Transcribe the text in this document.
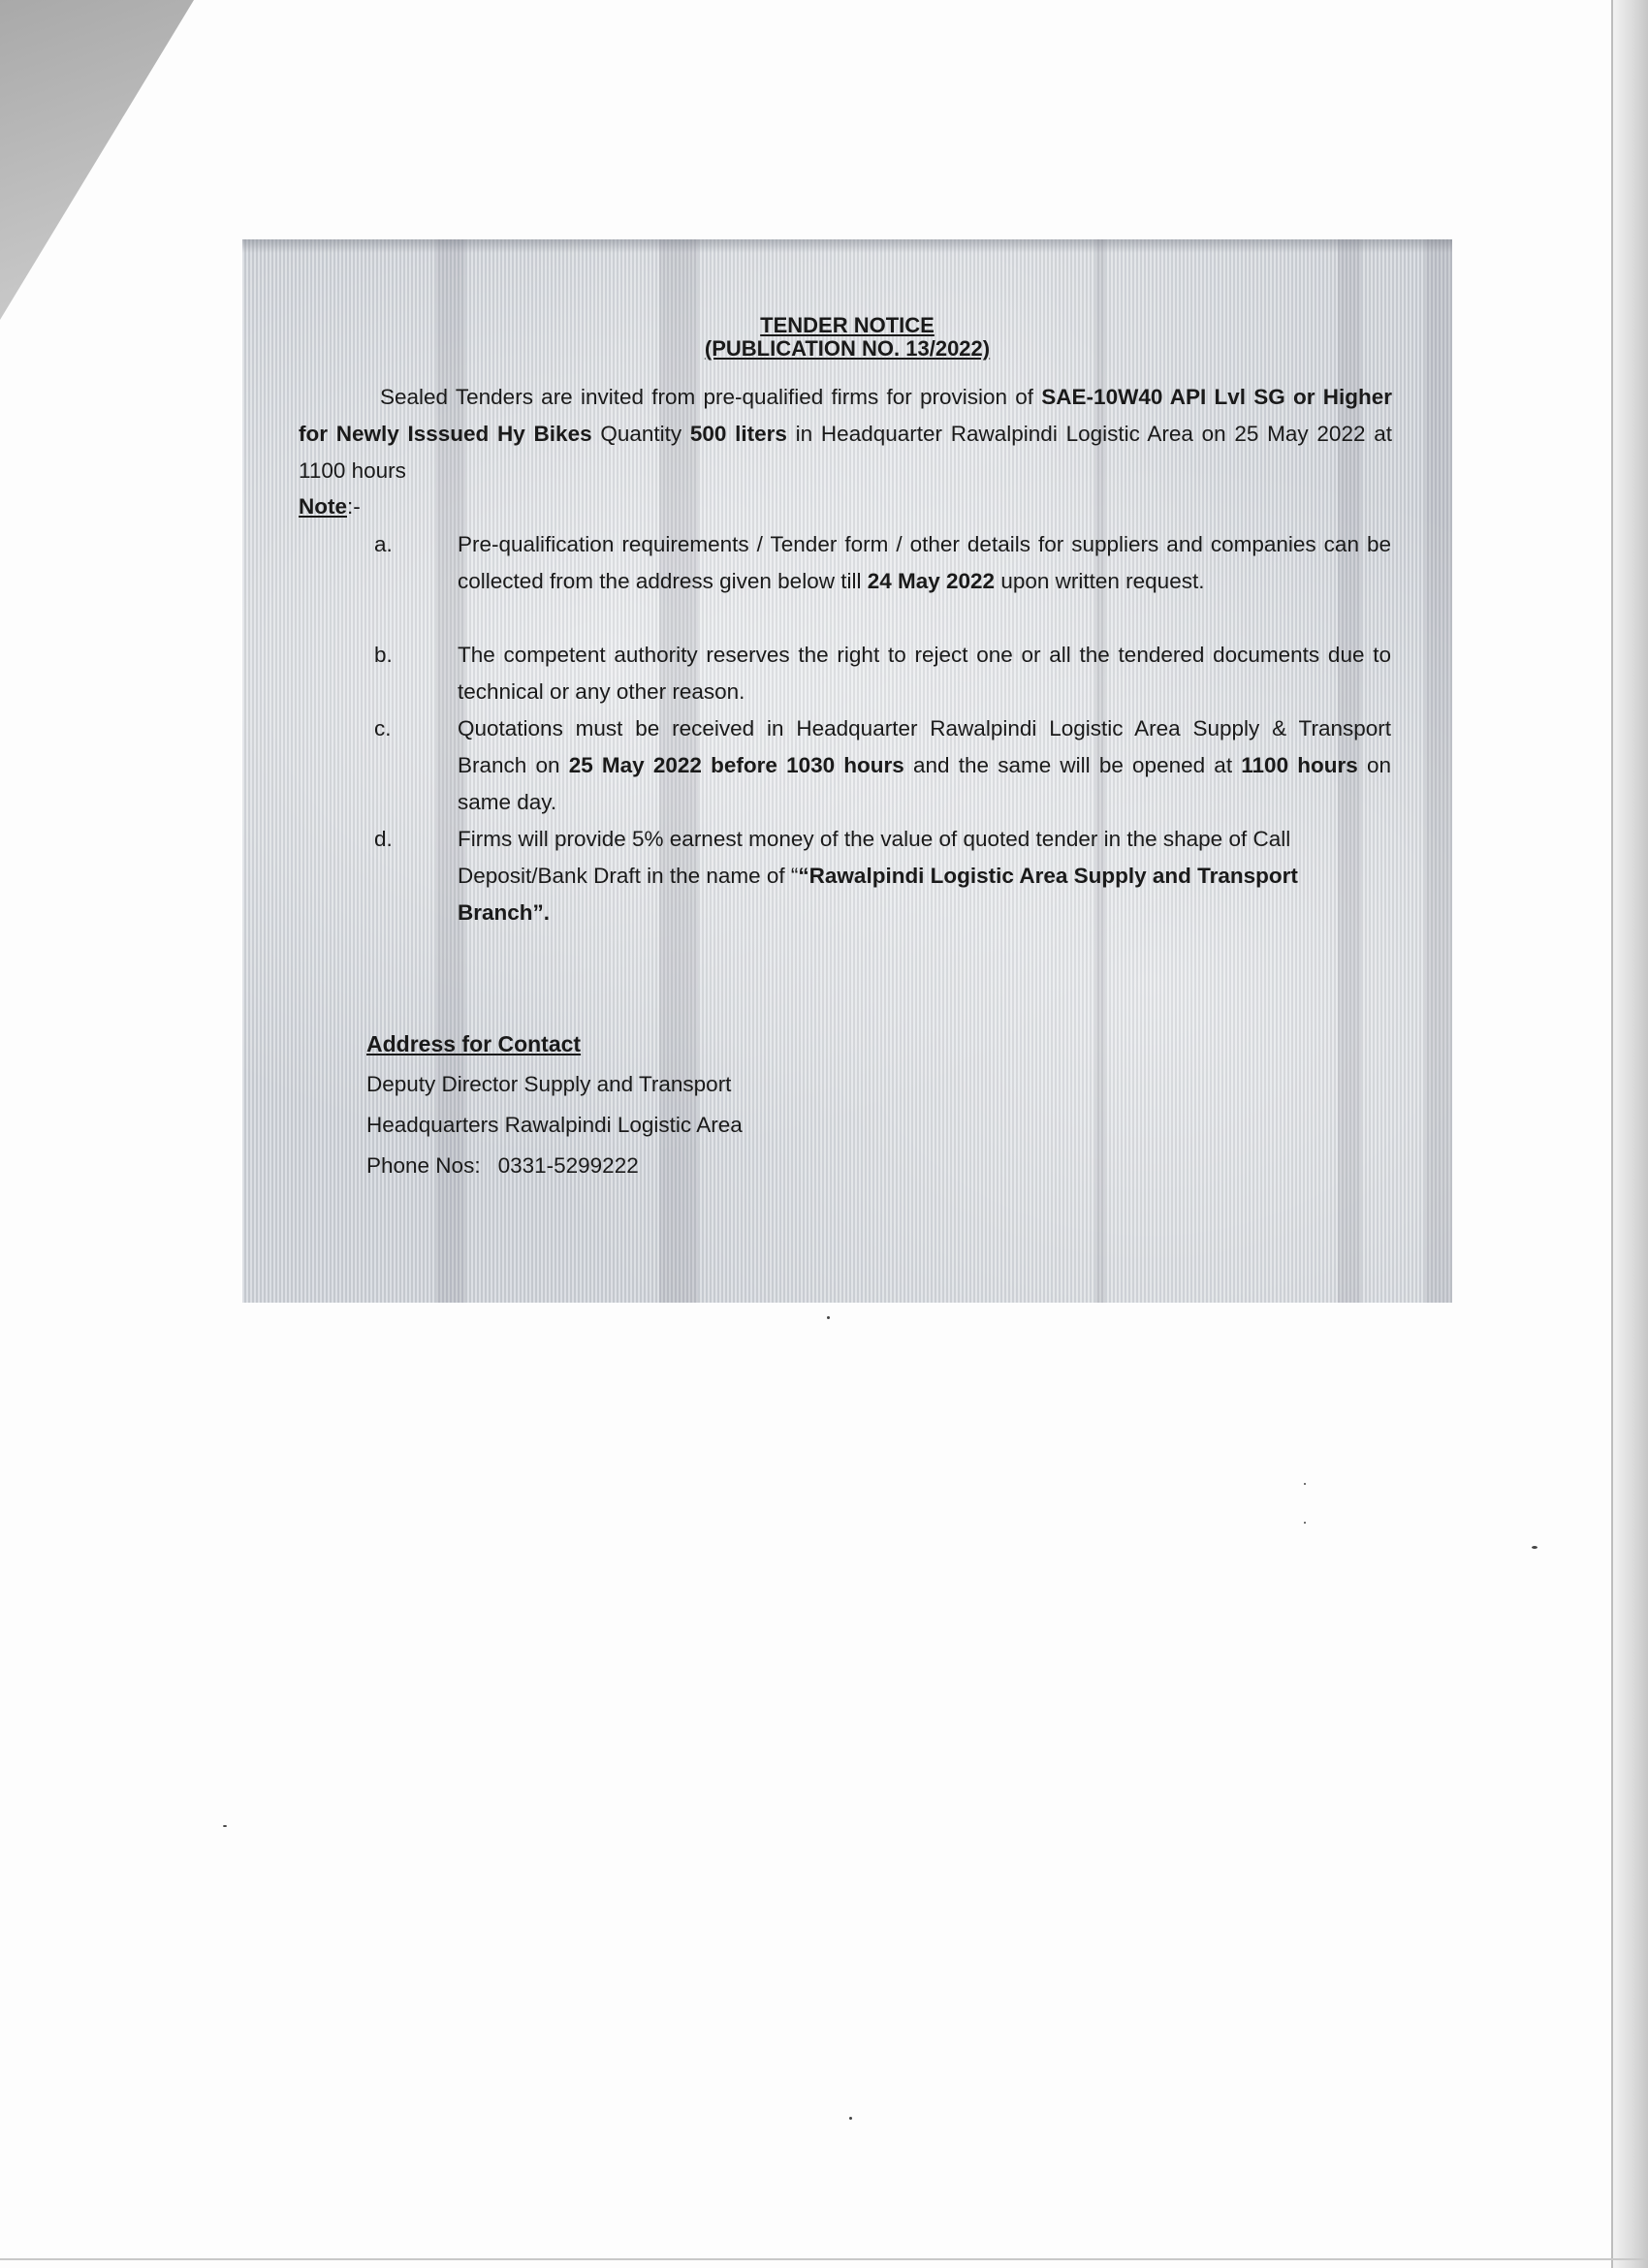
TENDER NOTICE
(PUBLICATION NO. 13/2022)

Sealed Tenders are invited from pre-qualified firms for provision of SAE-10W40 API Lvl SG or Higher for Newly Isssued Hy Bikes Quantity 500 liters in Headquarter Rawalpindi Logistic Area on 25 May 2022 at 1100 hours

Note:-
a.	Pre-qualification requirements / Tender form / other details for suppliers and companies can be collected from the address given below till 24 May 2022 upon written request.

b.	The competent authority reserves the right to reject one or all the tendered documents due to technical or any other reason.

c.	Quotations must be received in Headquarter Rawalpindi Logistic Area Supply & Transport Branch on 25 May 2022 before 1030 hours and the same will be opened at 1100 hours on same day.

d.	Firms will provide 5% earnest money of the value of quoted tender in the shape of Call Deposit/Bank Draft in the name of ““Rawalpindi Logistic Area Supply and Transport Branch”.

Address for Contact
Deputy Director Supply and Transport
Headquarters Rawalpindi Logistic Area
Phone Nos: 0331-5299222
